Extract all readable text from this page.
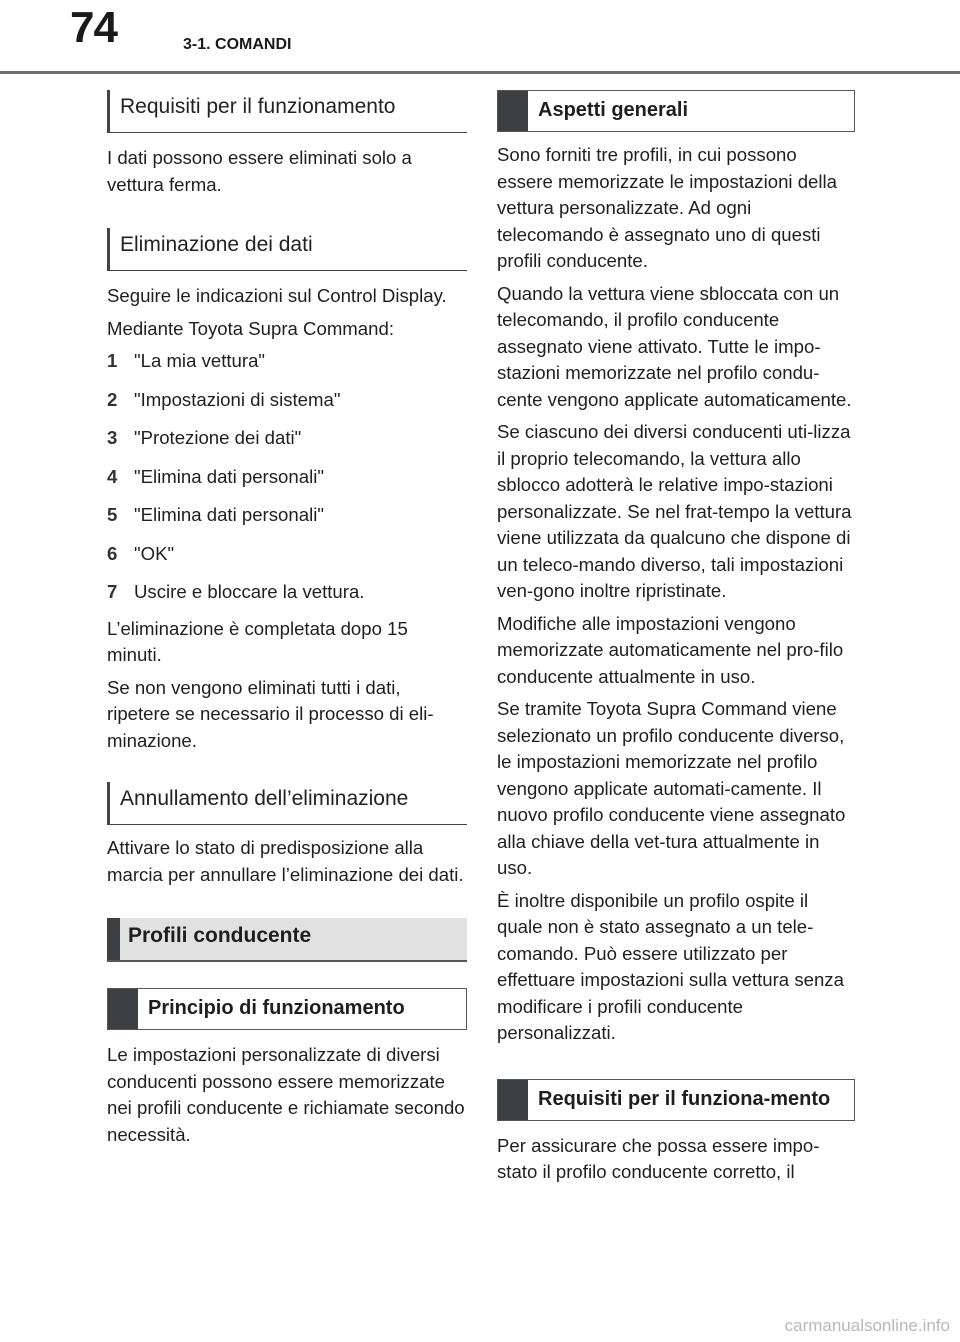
74	3-1. COMANDI
Requisiti per il funzionamento

I dati possono essere eliminati solo a vettura ferma.

Eliminazione dei dati

Seguire le indicazioni sul Control Display.

Mediante Toyota Supra Command:

1 "La mia vettura"
2 "Impostazioni di sistema"
3 "Protezione dei dati"
4 "Elimina dati personali"
5 "Elimina dati personali"
6 "OK"
7 Uscire e bloccare la vettura.

L’eliminazione è completata dopo 15 minuti.

Se non vengono eliminati tutti i dati, ripetere se necessario il processo di eli-minazione.

Annullamento dell’eliminazione

Attivare lo stato di predisposizione alla marcia per annullare l’eliminazione dei dati.

Profili conducente
Principio di funzionamento

Le impostazioni personalizzate di diversi conducenti possono essere memorizzate nei profili conducente e richiamate secondo necessità.

Aspetti generali

Sono forniti tre profili, in cui possono essere memorizzate le impostazioni della vettura personalizzate. Ad ogni telecomando è assegnato uno di questi profili conducente.

Quando la vettura viene sbloccata con un telecomando, il profilo conducente assegnato viene attivato. Tutte le impo-stazioni memorizzate nel profilo condu-cente vengono applicate automaticamente.

Se ciascuno dei diversi conducenti uti-lizza il proprio telecomando, la vettura allo sblocco adotterà le relative impo-stazioni personalizzate. Se nel frat-tempo la vettura viene utilizzata da qualcuno che dispone di un teleco-mando diverso, tali impostazioni ven-gono inoltre ripristinate.

Modifiche alle impostazioni vengono memorizzate automaticamente nel pro-filo conducente attualmente in uso.

Se tramite Toyota Supra Command viene selezionato un profilo conducente diverso, le impostazioni memorizzate nel profilo vengono applicate automati-camente. Il nuovo profilo conducente viene assegnato alla chiave della vet-tura attualmente in uso.

È inoltre disponibile un profilo ospite il quale non è stato assegnato a un tele-comando. Può essere utilizzato per effettuare impostazioni sulla vettura senza modificare i profili conducente personalizzati.

Requisiti per il funziona-mento

Per assicurare che possa essere impo-stato il profilo conducente corretto, il

carmanualsonline.info
